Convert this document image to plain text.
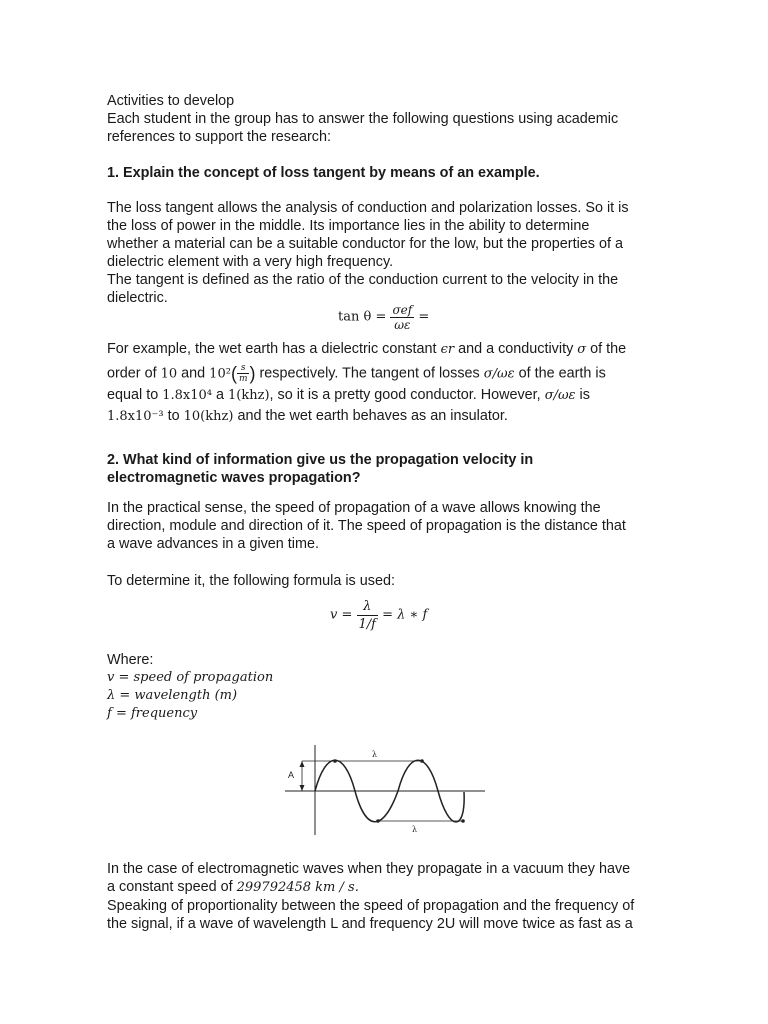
Activities to develop
Each student in the group has to answer the following questions using academic
references to support the research:
1. Explain the concept of loss tangent by means of an example.
The loss tangent allows the analysis of conduction and polarization losses. So it is
the loss of power in the middle. Its importance lies in the ability to determine
whether a material can be a suitable conductor for the low, but the properties of a
dielectric element with a very high frequency.
The tangent is defined as the ratio of the conduction current to the velocity in the
dielectric.
$\tan \theta = \frac{\text{σef}}{\omega\varepsilon}$ =
For example, the wet earth has a dielectric constant ϵr and a conductivity σ of the
order of 10 and $10^2( \frac{s}{m}$ ) respectively. The tangent of losses σ/ωε of the earth is
equal to 1.8x10⁴ a 1(khz), so it is a pretty good conductor. However, σ/ωε is
1.8x10⁻³ to 10(khz) and the wet earth behaves as an insulator.
2. What kind of information give us the propagation velocity in
electromagnetic waves propagation?
In the practical sense, the speed of propagation of a wave allows knowing the
direction, module and direction of it. The speed of propagation is the distance that
a wave advances in a given time.
To determine it, the following formula is used:
$v = \frac{\lambda}{1/f} = \lambda$ ∗ f
Where:
v = speed of propagation
λ = wavelength (m)
f = frequency
A
λ
λ
In the case of electromagnetic waves when they propagate in a vacuum they have
a constant speed of 299792458 km / s.
Speaking of proportionality between the speed of propagation and the frequency of
the signal, if a wave of wavelength L and frequency 2U will move twice as fast as a
